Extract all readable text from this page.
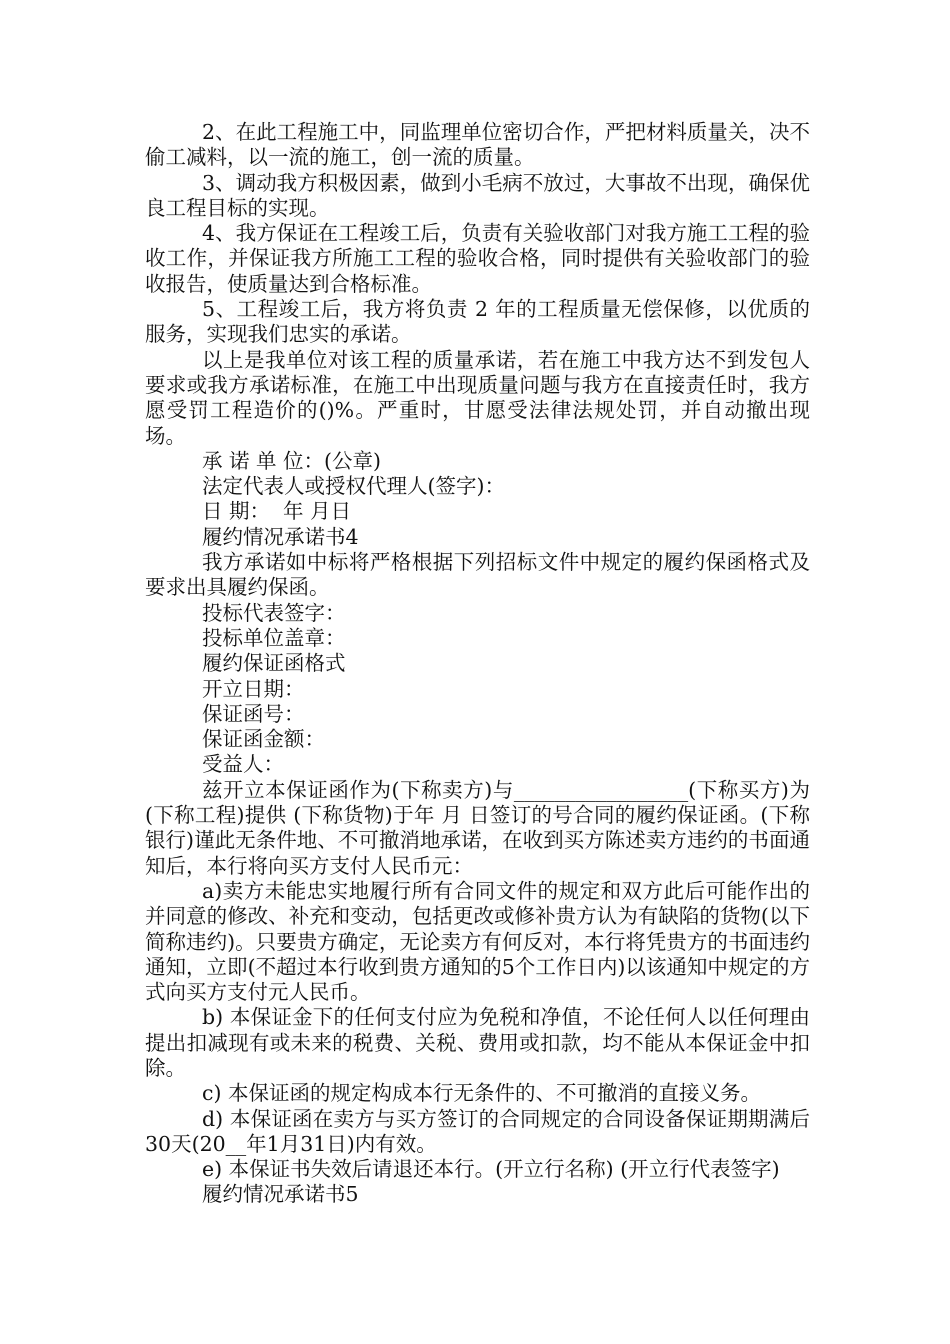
2、在此工程施工中，同监理单位密切合作，严把材料质量关，决不偷工减料，以一流的施工，创一流的质量。

3、调动我方积极因素，做到小毛病不放过，大事故不出现，确保优良工程目标的实现。

4、我方保证在工程竣工后，负责有关验收部门对我方施工工程的验收工作，并保证我方所施工工程的验收合格，同时提供有关验收部门的验收报告，使质量达到合格标准。

5、工程竣工后，我方将负责 2 年的工程质量无偿保修，以优质的服务，实现我们忠实的承诺。

以上是我单位对该工程的质量承诺，若在施工中我方达不到发包人要求或我方承诺标准，在施工中出现质量问题与我方在直接责任时，我方愿受罚工程造价的()%。严重时，甘愿受法律法规处罚，并自动撤出现场。

承 诺 单 位：(公章)

法定代表人或授权代理人(签字)：

日 期：  年 月日

履约情况承诺书4

我方承诺如中标将严格根据下列招标文件中规定的履约保函格式及要求出具履约保函。

投标代表签字：

投标单位盖章：

履约保证函格式

开立日期：

保证函号：

保证函金额：

受益人：

兹开立本保证函作为(下称卖方)与_________________(下称买方)为(下称工程)提供 (下称货物)于年 月 日签订的号合同的履约保证函。(下称银行)谨此无条件地、不可撤消地承诺，在收到买方陈述卖方违约的书面通知后，本行将向买方支付人民币元：

a)卖方未能忠实地履行所有合同文件的规定和双方此后可能作出的并同意的修改、补充和变动，包括更改或修补贵方认为有缺陷的货物(以下简称违约)。只要贵方确定，无论卖方有何反对，本行将凭贵方的书面违约通知，立即(不超过本行收到贵方通知的5个工作日内)以该通知中规定的方式向买方支付元人民币。

b) 本保证金下的任何支付应为免税和净值，不论任何人以任何理由提出扣减现有或未来的税费、关税、费用或扣款，均不能从本保证金中扣除。

c) 本保证函的规定构成本行无条件的、不可撤消的直接义务。

d) 本保证函在卖方与买方签订的合同规定的合同设备保证期期满后30天(20__年1月31日)内有效。

e) 本保证书失效后请退还本行。(开立行名称) (开立行代表签字)

履约情况承诺书5
